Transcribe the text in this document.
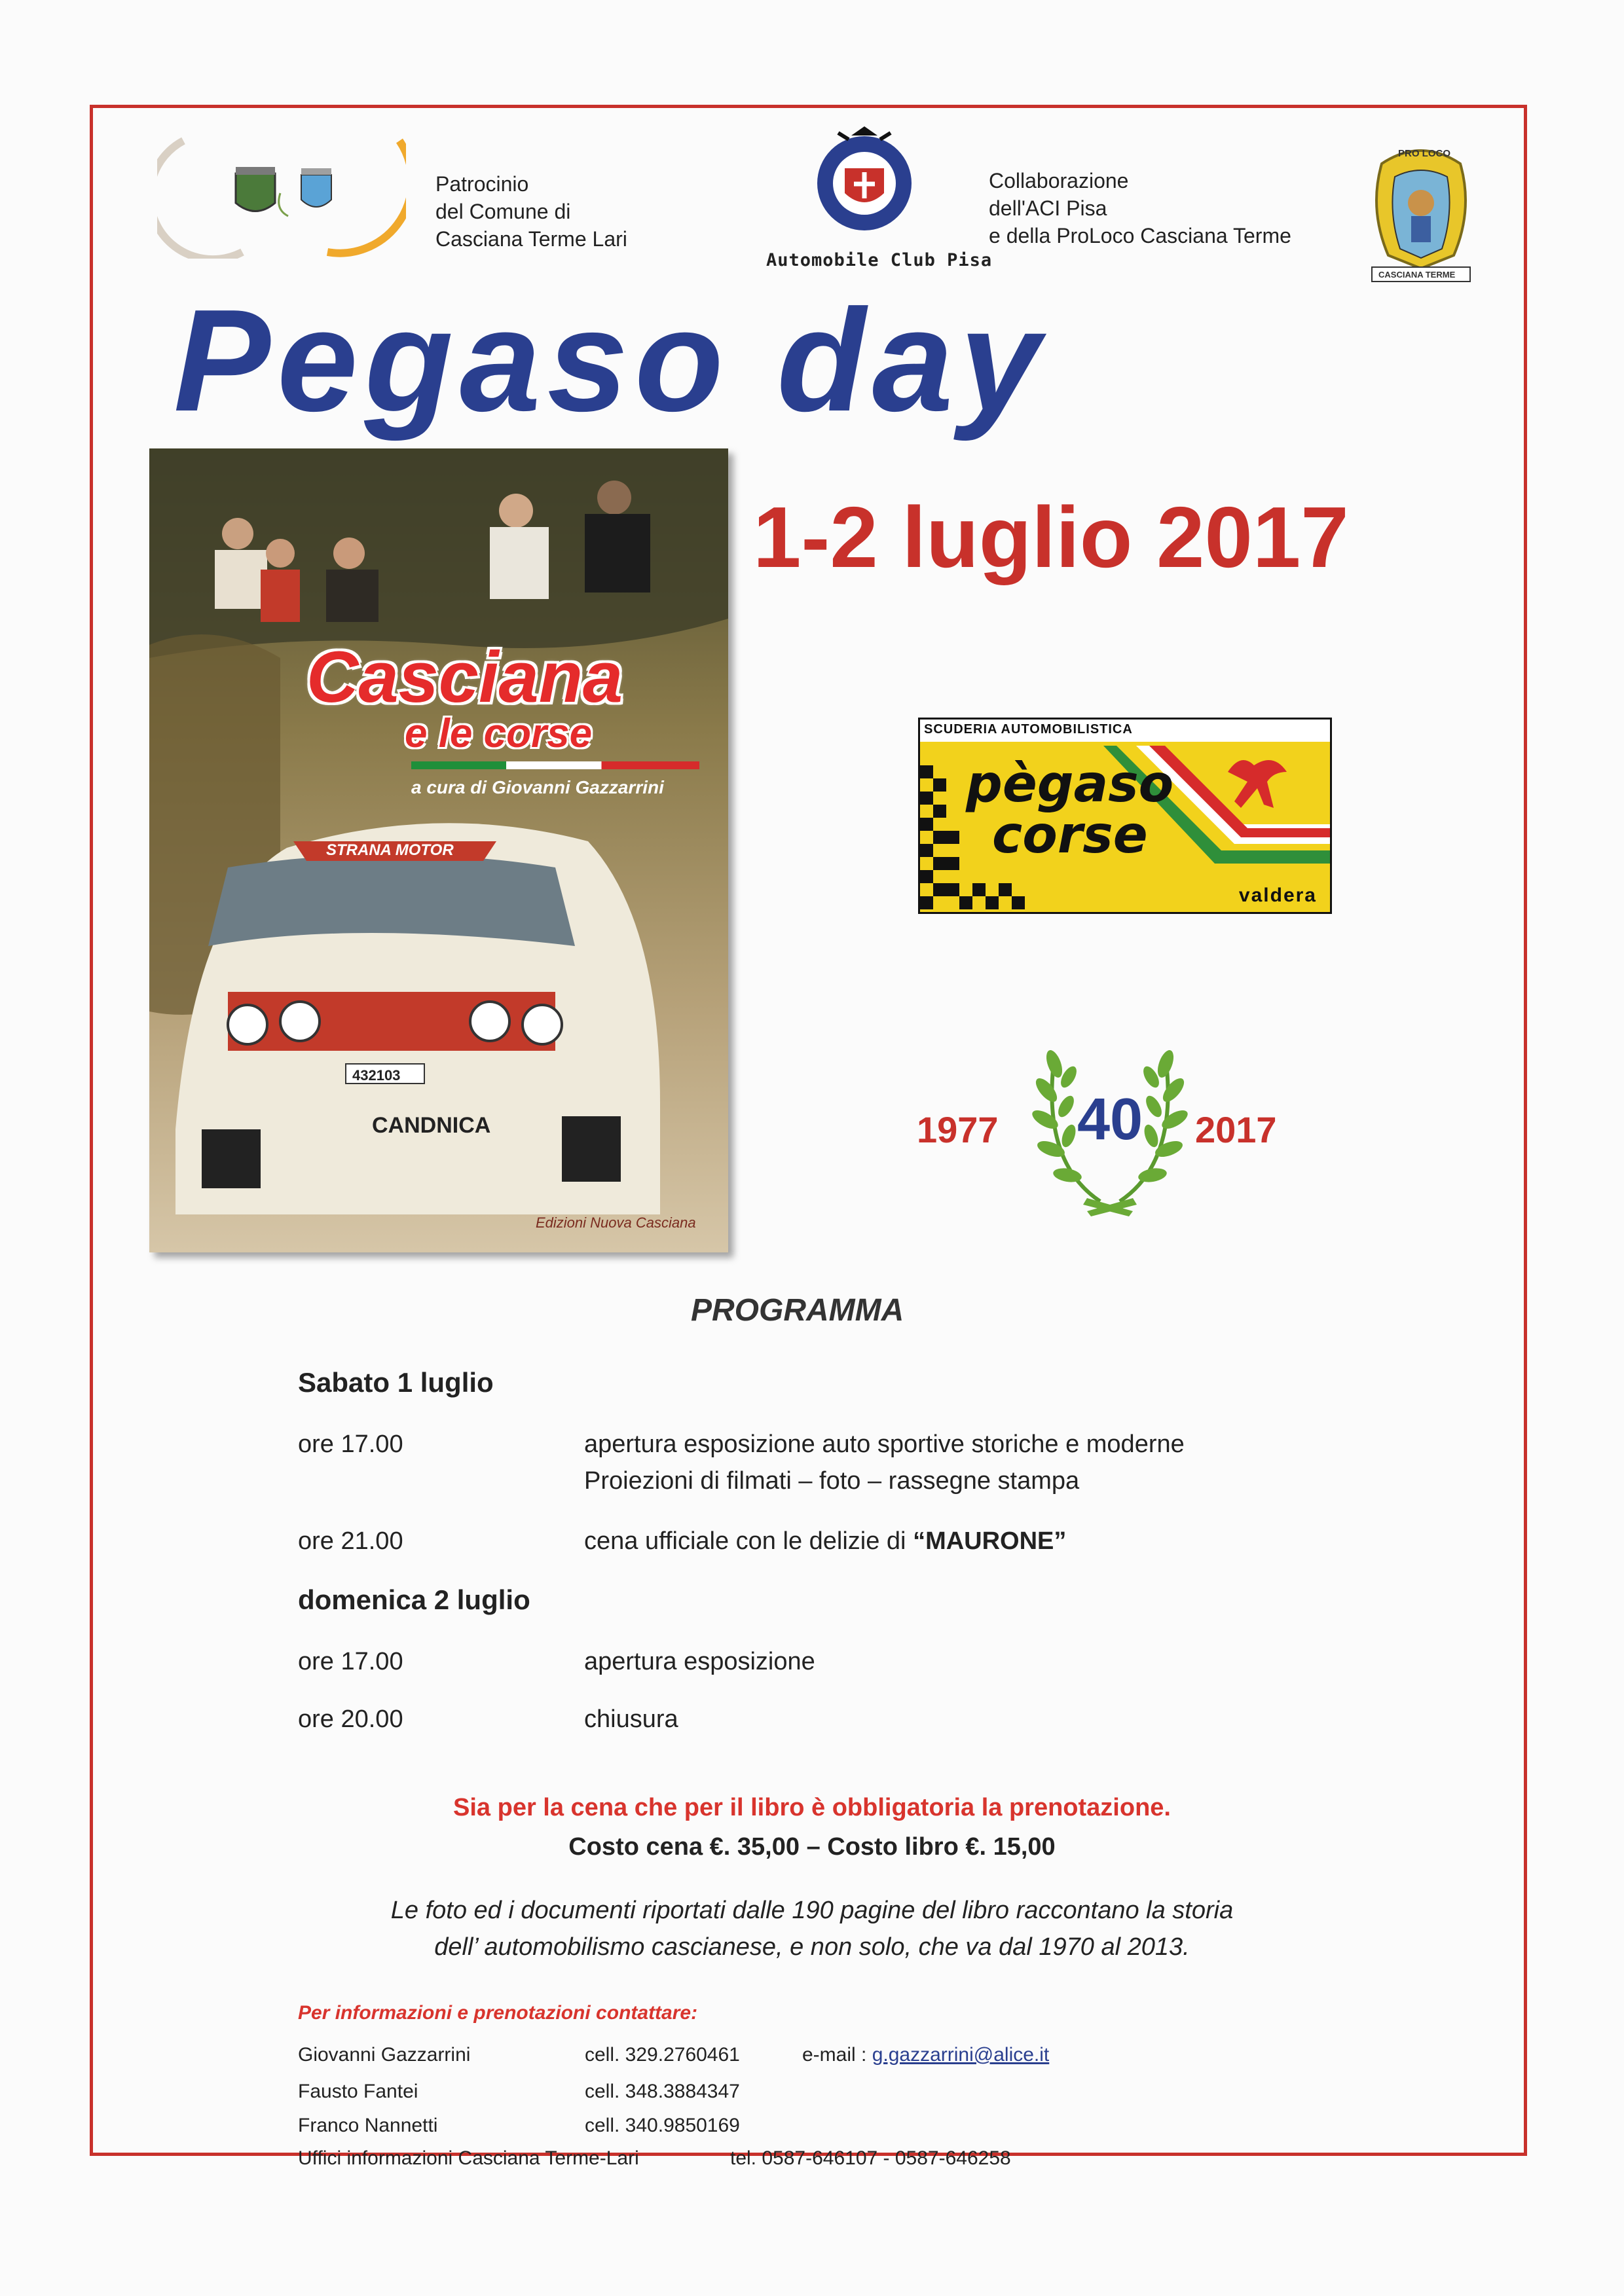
Patrocinio
del Comune di
Casciana Terme Lari
Automobile Club Pisa
Collaborazione
dell'ACI Pisa
e della ProLoco Casciana Terme
PRO LOCO
CASCIANA TERME
Pegaso day
1-2 luglio 2017
STRANA MOTOR
432103
CANDNICA
Casciana
e le corse
a cura di Giovanni Gazzarrini
Edizioni Nuova Casciana
SCUDERIA AUTOMOBILISTICA
pègaso
corse
valdera
1977 40 2017
PROGRAMMA
Sabato 1 luglio
ore 17.00	apertura esposizione auto sportive storiche e moderne
Proiezioni di filmati – foto – rassegne stampa
ore 21.00	cena ufficiale con le delizie di “MAURONE”
domenica 2 luglio
ore 17.00	apertura esposizione
ore 20.00	chiusura
Sia per la cena che per il libro è obbligatoria la prenotazione.
Costo cena €. 35,00 – Costo libro €. 15,00
Le foto ed i documenti riportati dalle 190 pagine del libro raccontano la storia
dell’ automobilismo cascianese, e non solo, che va dal 1970 al 2013.
Per informazioni e prenotazioni contattare:
Giovanni Gazzarrini	cell. 329.2760461	e-mail : g.gazzarrini@alice.it
Fausto Fantei	cell. 348.3884347
Franco Nannetti	cell. 340.9850169
Uffici informazioni Casciana Terme-Lari	tel. 0587-646107 - 0587-646258
